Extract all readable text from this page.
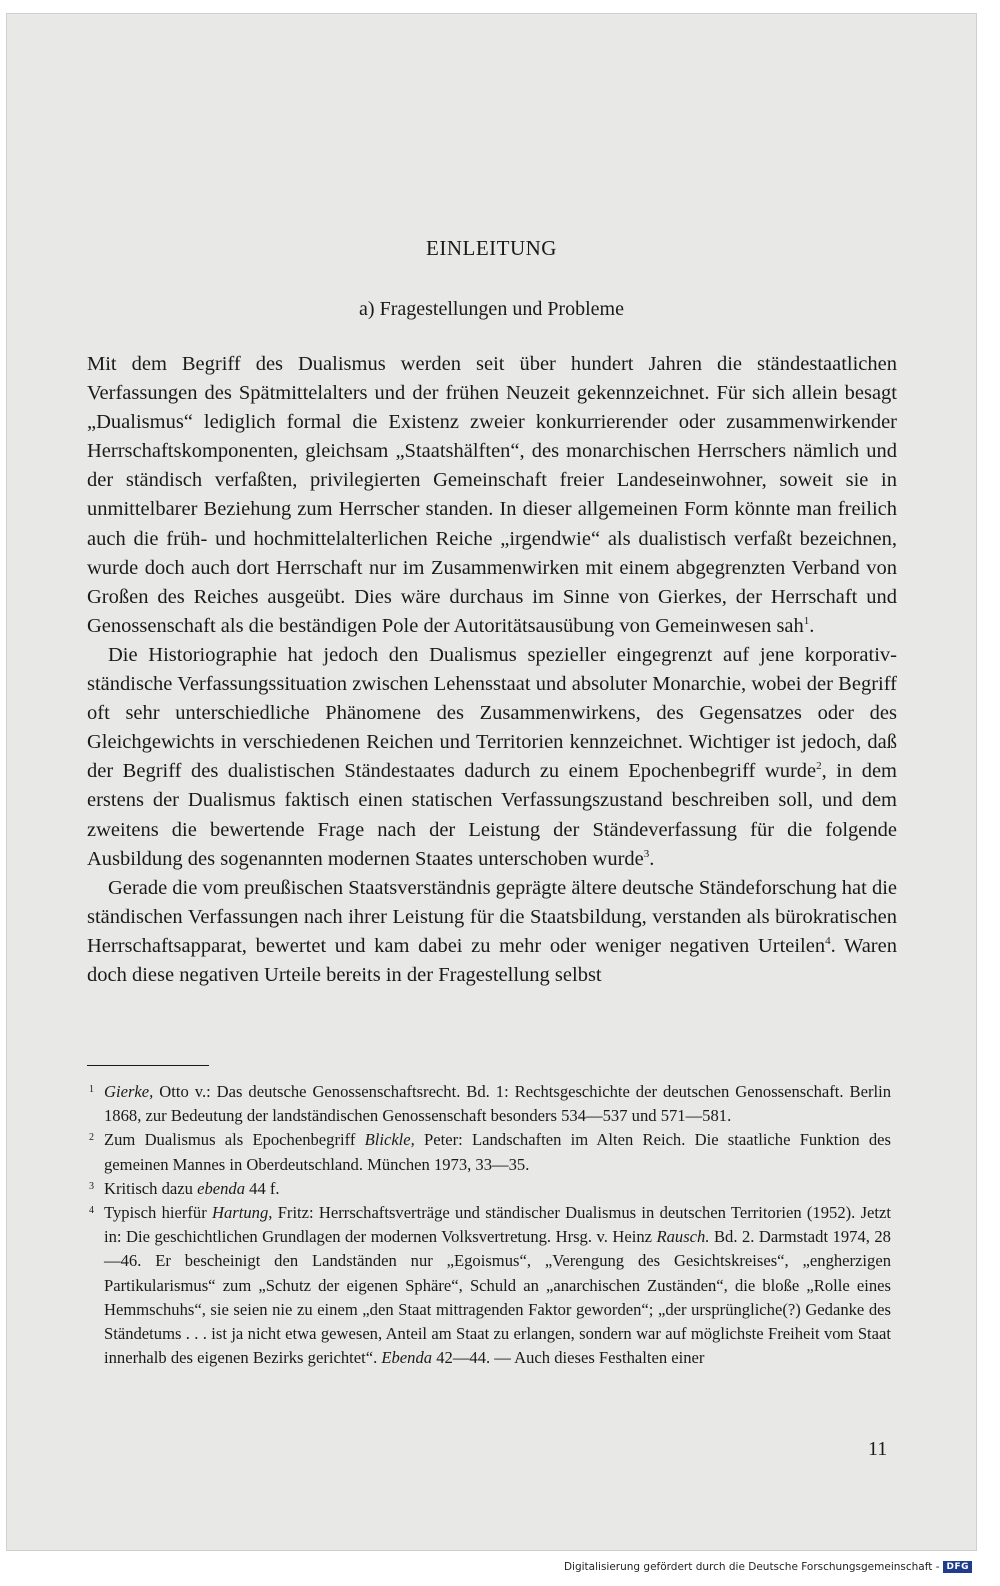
EINLEITUNG
a) Fragestellungen und Probleme

Mit dem Begriff des Dualismus werden seit über hundert Jahren die ständestaatlichen Verfassungen des Spätmittelalters und der frühen Neuzeit gekennzeichnet. Für sich allein besagt „Dualismus“ lediglich formal die Existenz zweier konkurrierender oder zusammenwirkender Herrschaftskomponenten, gleichsam „Staatshälften“, des monarchischen Herrschers nämlich und der ständisch verfaßten, privilegierten Gemeinschaft freier Landeseinwohner, soweit sie in unmittelbarer Beziehung zum Herrscher standen. In dieser allgemeinen Form könnte man freilich auch die früh- und hochmittelalterlichen Reiche „irgendwie“ als dualistisch verfaßt bezeichnen, wurde doch auch dort Herrschaft nur im Zusammenwirken mit einem abgegrenzten Verband von Großen des Reiches ausgeübt. Dies wäre durchaus im Sinne von Gierkes, der Herrschaft und Genossenschaft als die beständigen Pole der Autoritätsausübung von Gemeinwesen sah$^1$.

Die Historiographie hat jedoch den Dualismus spezieller eingegrenzt auf jene korporativständische Verfassungssituation zwischen Lehensstaat und absoluter Monarchie, wobei der Begriff oft sehr unterschiedliche Phänomene des Zusammenwirkens, des Gegensatzes oder des Gleichgewichts in verschiedenen Reichen und Territorien kennzeichnet. Wichtiger ist jedoch, daß der Begriff des dualistischen Ständestaates dadurch zu einem Epochenbegriff wurde$^2$, in dem erstens der Dualismus faktisch einen statischen Verfassungszustand beschreiben soll, und dem zweitens die bewertende Frage nach der Leistung der Ständeverfassung für die folgende Ausbildung des sogenannten modernen Staates unterschoben wurde$^3$.

Gerade die vom preußischen Staatsverständnis geprägte ältere deutsche Ständeforschung hat die ständischen Verfassungen nach ihrer Leistung für die Staatsbildung, verstanden als bürokratischen Herrschaftsapparat, bewertet und kam dabei zu mehr oder weniger negativen Urteilen$^4$. Waren doch diese negativen Urteile bereits in der Fragestellung selbst

1 Gierke, Otto v.: Das deutsche Genossenschaftsrecht. Bd. 1: Rechtsgeschichte der deutschen Genossenschaft. Berlin 1868, zur Bedeutung der landständischen Genossenschaft besonders 534—537 und 571—581.

2 Zum Dualismus als Epochenbegriff Blickle, Peter: Landschaften im Alten Reich. Die staatliche Funktion des gemeinen Mannes in Oberdeutschland. München 1973, 33—35.

3 Kritisch dazu ebenda 44 f.

4 Typisch hierfür Hartung, Fritz: Herrschaftsverträge und ständischer Dualismus in deutschen Territorien (1952). Jetzt in: Die geschichtlichen Grundlagen der modernen Volksvertretung. Hrsg. v. Heinz Rausch. Bd. 2. Darmstadt 1974, 28—46. Er bescheinigt den Landständen nur „Egoismus“, „Verengung des Gesichtskreises“, „engherzigen Partikularismus“ zum „Schutz der eigenen Sphäre“, Schuld an „anarchischen Zuständen“, die bloße „Rolle eines Hemmschuhs“, sie seien nie zu einem „den Staat mittragenden Faktor geworden“; „der ursprüngliche(?) Gedanke des Ständetums . . . ist ja nicht etwa gewesen, Anteil am Staat zu erlangen, sondern war auf möglichste Freiheit vom Staat innerhalb des eigenen Bezirks gerichtet“. Ebenda 42—44. — Auch dieses Festhalten einer

11
Digitalisierung gefördert durch die Deutsche Forschungsgemeinschaft - DFG
